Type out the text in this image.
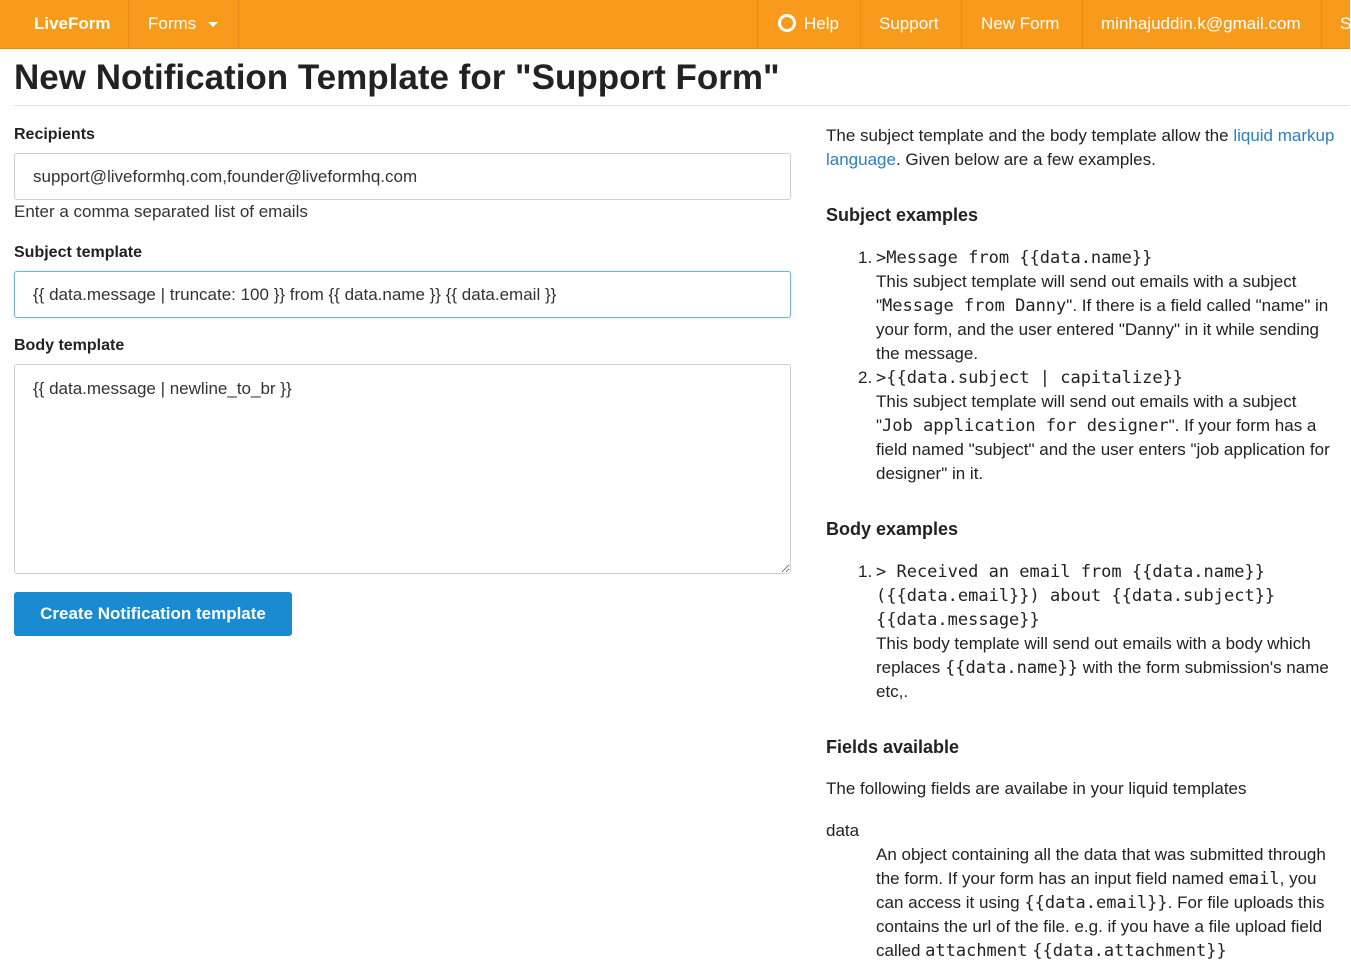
LiveForm Forms	Help Support New Form minhajuddin.k@gmail.com S
New Notification Template for "Support Form"
Recipients
support@liveformhq.com,founder@liveformhq.com
Enter a comma separated list of emails
Subject template
{{ data.message | truncate: 100 }} from {{ data.name }} {{ data.email }}
Body template
{{ data.message | newline_to_br }}
Create Notification template
The subject template and the body template allow the liquid markup language. Given below are a few examples.
Subject examples
1. >Message from {{data.name}}
This subject template will send out emails with a subject "Message from Danny". If there is a field called "name" in your form, and the user entered "Danny" in it while sending the message.
2. >{{data.subject | capitalize}}
This subject template will send out emails with a subject "Job application for designer". If your form has a field named "subject" and the user enters "job application for designer" in it.
Body examples
1. > Received an email from {{data.name}}
({{data.email}}) about {{data.subject}}
{{data.message}}
This body template will send out emails with a body which replaces {{data.name}} with the form submission's name etc,.
Fields available
The following fields are availabe in your liquid templates
data
An object containing all the data that was submitted through the form. If your form has an input field named email, you can access it using {{data.email}}. For file uploads this contains the url of the file. e.g. if you have a file upload field called attachment {{data.attachment}}
